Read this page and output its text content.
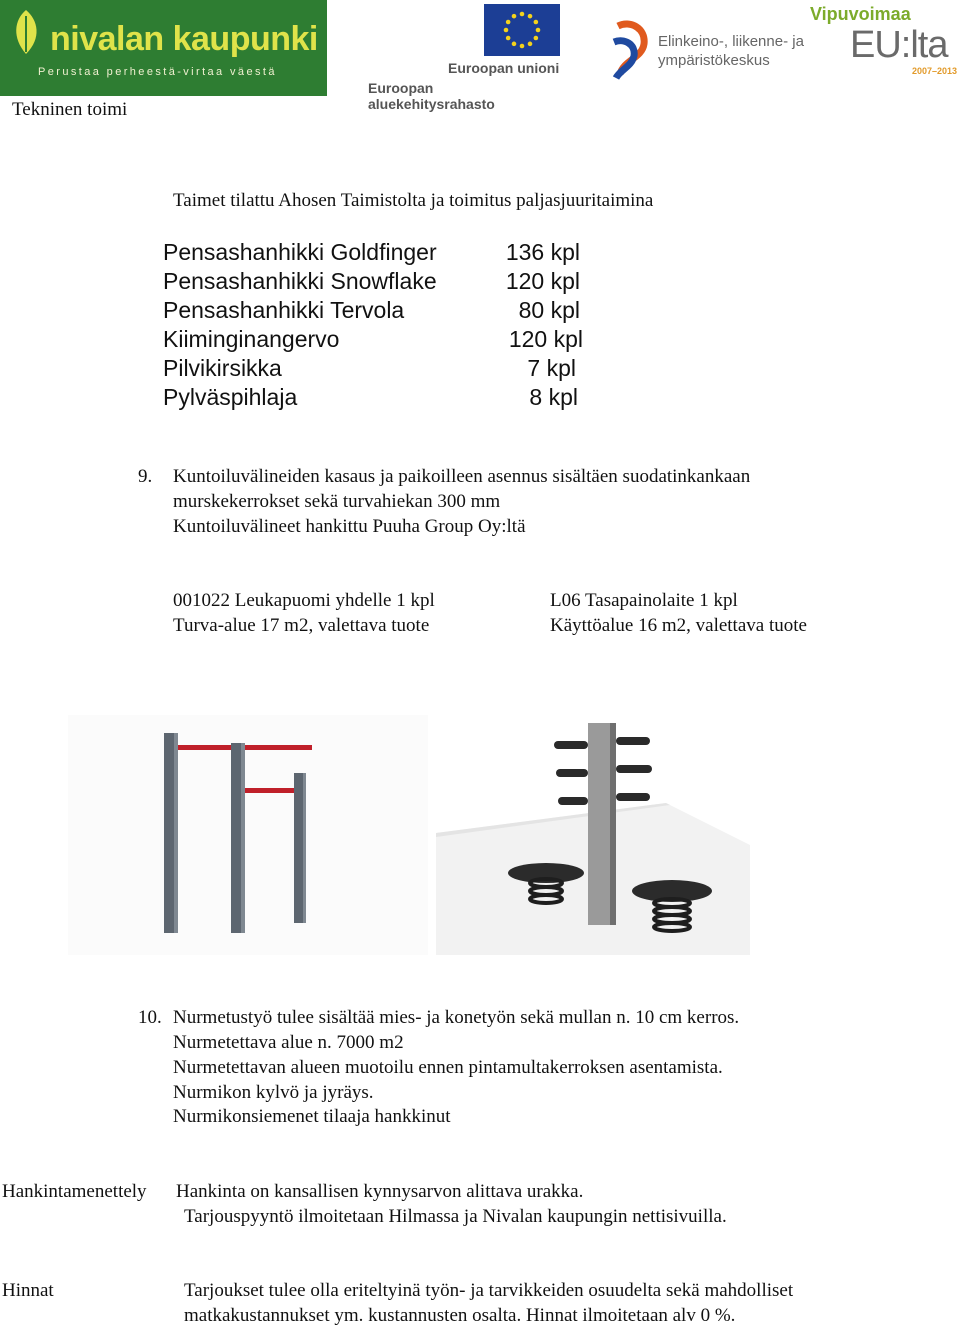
nivalan kaupunki
Perustaa perheestä-virtaa väestä	Euroopan unioni
Euroopan aluekehitysrahasto
Elinkeino-, liikenne- ja
ympäristökeskus
Vipuvoimaa
EU:lta
2007–2013
Tekninen toimi
Taimet tilattu Ahosen Taimistolta ja toimitus paljasjuuritaimina
Pensashanhikki Goldfinger	136 kpl
Pensashanhikki Snowflake	120 kpl
Pensashanhikki Tervola	80 kpl
Kiiminginangervo	120 kpl
Pilvikirsikka	7 kpl
Pylväspihlaja	8 kpl
9. Kuntoiluvälineiden kasaus ja paikoilleen asennus sisältäen suodatinkankaan
murskekerrokset sekä turvahiekan 300 mm
Kuntoiluvälineet hankittu Puuha Group Oy:ltä
001022 Leukapuomi yhdelle 1 kpl
Turva-alue 17 m2, valettava tuote
L06 Tasapainolaite 1 kpl
Käyttöalue 16 m2, valettava tuote
10. Nurmetustyö tulee sisältää mies- ja konetyön sekä mullan n. 10 cm kerros.
Nurmetettava alue n. 7000 m2
Nurmetettavan alueen muotoilu ennen pintamultakerroksen asentamista.
Nurmikon kylvö ja jyräys.
Nurmikonsiemenet tilaaja hankkinut
Hankintamenettely Hankinta on kansallisen kynnysarvon alittava urakka.
Tarjouspyyntö ilmoitetaan Hilmassa ja Nivalan kaupungin nettisivuilla.
Hinnat	Tarjoukset tulee olla eriteltyinä työn- ja tarvikkeiden osuudelta sekä mahdolliset
matkakustannukset ym. kustannusten osalta. Hinnat ilmoitetaan alv 0 %.
